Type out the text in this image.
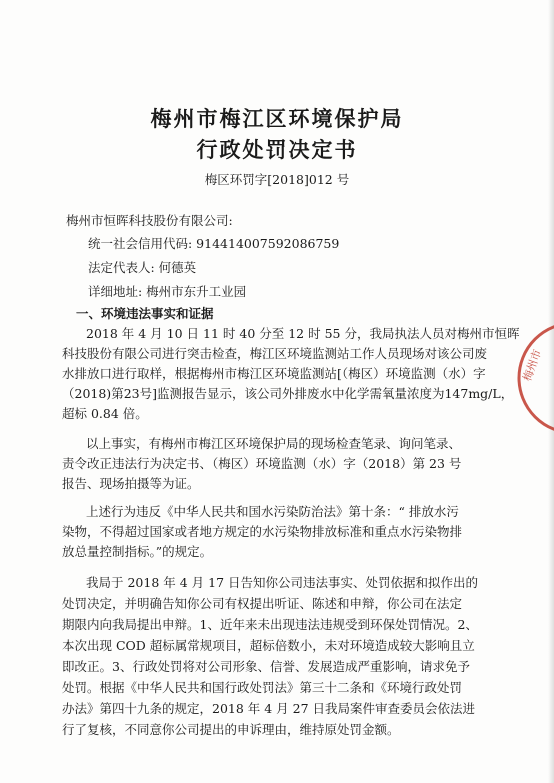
梅州市梅江区环境保护局
行政处罚决定书
梅区环罚字[2018]012 号
梅州市恒晖科技股份有限公司:
统一社会信用代码: 91441400759208675​9
法定代表人: 何德英
详细地址: 梅州市东升工业园
一、环境违法事实和证据
2018 年 4 月 10 日 11 时 40 分至 12 时 55 分，我局执法人员对梅州市恒晖
科技股份有限公司进行突击检查，梅江区环境监测站工作人员现场对该公司废
水排放口进行取样，根据梅州市梅江区环境监测站[（梅区）环境监测（水）字
（2018)第23号]监测报告显示，该公司外排废水中化学需氧量浓度为147mg/L，
超标 0.84 倍。
以上事实，有梅州市梅江区环境保护局的现场检查笔录、询问笔录、
责令改正违法行为决定书、（梅区）环境监测（水）字（2018）第 23 号
报告、现场拍摄等为证。
上述行为违反《中华人民共和国水污染防治法》第十条：“ 排放水污
染物，不得超过国家或者地方规定的水污染物排放标准和重点水污染物排
放总量控制指标。”的规定。
我局于 2018 年 4 月 17 日告知你公司违法事实、处罚依据和拟作出的
处罚决定，并明确告知你公司有权提出听证、陈述和申辩，你公司在法定
期限内向我局提出申辩。1、近年来未出现违法违规受到环保处罚情况。2、
本次出现 COD 超标属常规项目，超标倍数小，未对环境造成较大影响且立
即改正。3、行政处罚将对公司形象、信誉、发展造成严重影响，请求免予
处罚。根据《中华人民共和国行政处罚法》第三十二条和《环境行政处罚
办法》第四十九条的规定，2018 年 4 月 27 日我局案件审查委员会依法进
行了复核，不同意你公司提出的申诉理由，维持原处罚金额。
梅州市
